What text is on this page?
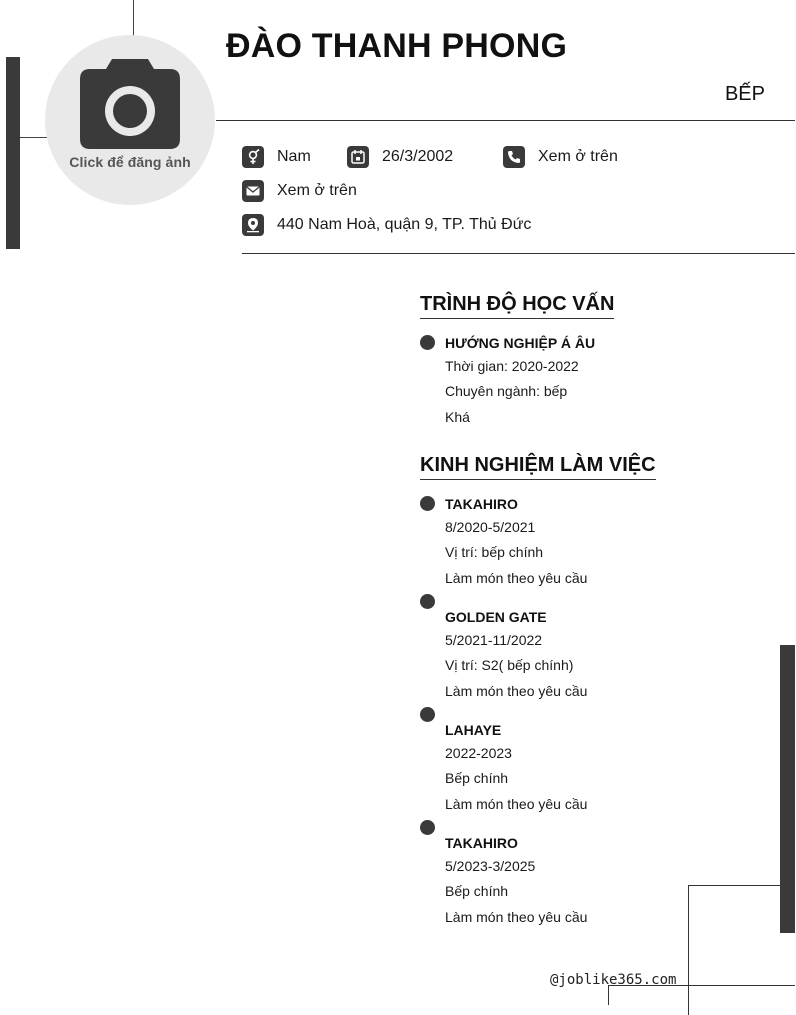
Click để đăng ảnh
ĐÀO THANH PHONG
BẾP
Nam	26/3/2002	Xem ở trên
Xem ở trên
440 Nam Hoà, quận 9, TP. Thủ Đức
TRÌNH ĐỘ HỌC VẤN
HƯỚNG NGHIỆP Á ÂU
Thời gian: 2020-2022
Chuyên ngành: bếp
Khá
KINH NGHIỆM LÀM VIỆC
TAKAHIRO
8/2020-5/2021
Vị trí: bếp chính
Làm món theo yêu cầu
GOLDEN GATE
5/2021-11/2022
Vị trí: S2( bếp chính)
Làm món theo yêu cầu
LAHAYE
2022-2023
Bếp chính
Làm món theo yêu cầu
TAKAHIRO
5/2023-3/2025
Bếp chính
Làm món theo yêu cầu
@joblike365.com
